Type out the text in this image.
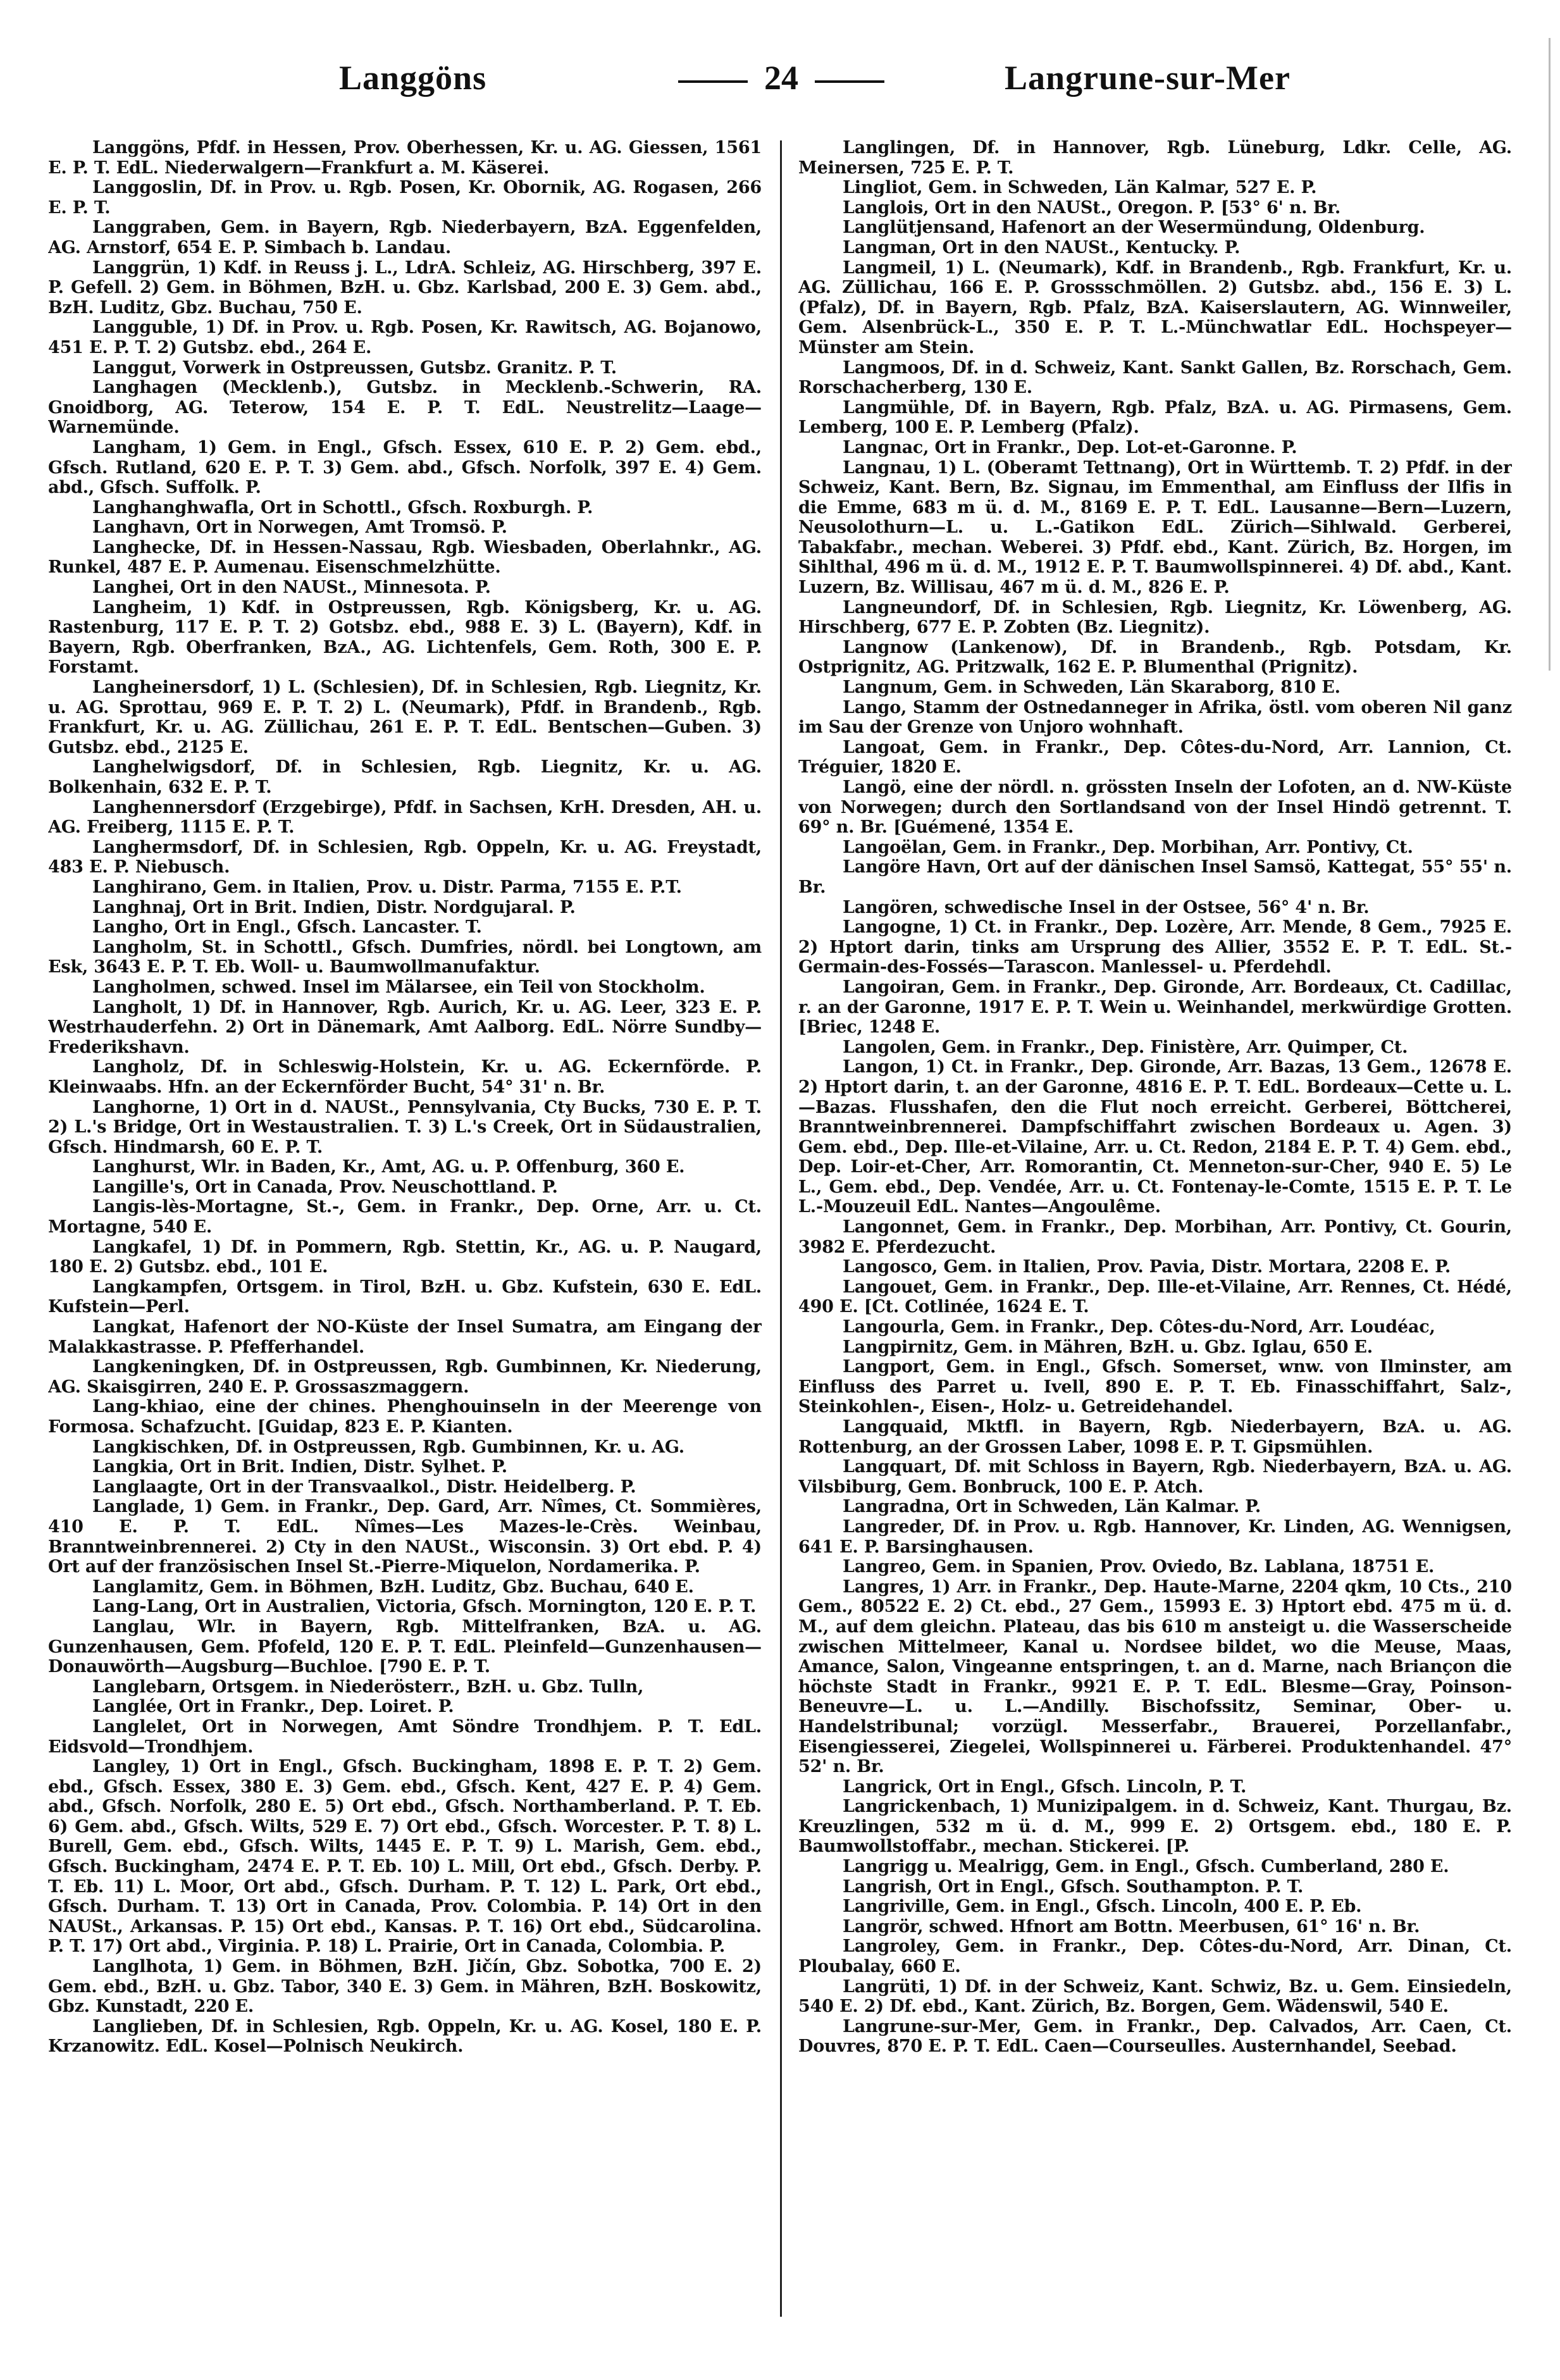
Langgöns	24	Langrune-sur-Mer

Langgöns, Pfdf. in Hessen, Prov. Oberhessen, Kr. u. AG. Giessen, 1561 E. P. T. EdL. Niederwalgern—Frankfurt a. M. Käserei.

Langgoslin, Df. in Prov. u. Rgb. Posen, Kr. Obornik, AG. Rogasen, 266 E. P. T.

Langgraben, Gem. in Bayern, Rgb. Niederbayern, BzA. Eggenfelden, AG. Arnstorf, 654 E. P. Simbach b. Landau.

Langgrün, 1) Kdf. in Reuss j. L., LdrA. Schleiz, AG. Hirschberg, 397 E. P. Gefell. 2) Gem. in Böhmen, BzH. u. Gbz. Karlsbad, 200 E. 3) Gem. abd., BzH. Luditz, Gbz. Buchau, 750 E.

Langguble, 1) Df. in Prov. u. Rgb. Posen, Kr. Rawitsch, AG. Bojanowo, 451 E. P. T. 2) Gutsbz. ebd., 264 E.

Langgut, Vorwerk in Ostpreussen, Gutsbz. Granitz. P. T.

Langhagen (Mecklenb.), Gutsbz. in Mecklenb.-Schwerin, RA. Gnoidborg, AG. Teterow, 154 E. P. T. EdL. Neustrelitz—Laage—Warnemünde.

Langham, 1) Gem. in Engl., Gfsch. Essex, 610 E. P. 2) Gem. ebd., Gfsch. Rutland, 620 E. P. T. 3) Gem. abd., Gfsch. Norfolk, 397 E. 4) Gem. abd., Gfsch. Suffolk. P.

Langhanghwafla, Ort in Schottl., Gfsch. Roxburgh. P.

Langhavn, Ort in Norwegen, Amt Tromsö. P.

Langhecke, Df. in Hessen-Nassau, Rgb. Wiesbaden, Oberlahnkr., AG. Runkel, 487 E. P. Aumenau. Eisenschmelzhütte.

Langhei, Ort in den NAUSt., Minnesota. P.

Langheim, 1) Kdf. in Ostpreussen, Rgb. Königsberg, Kr. u. AG. Rastenburg, 117 E. P. T. 2) Gotsbz. ebd., 988 E. 3) L. (Bayern), Kdf. in Bayern, Rgb. Oberfranken, BzA., AG. Lichtenfels, Gem. Roth, 300 E. P. Forstamt.

Langheinersdorf, 1) L. (Schlesien), Df. in Schlesien, Rgb. Liegnitz, Kr. u. AG. Sprottau, 969 E. P. T. 2) L. (Neumark), Pfdf. in Brandenb., Rgb. Frankfurt, Kr. u. AG. Züllichau, 261 E. P. T. EdL. Bentschen—Guben. 3) Gutsbz. ebd., 2125 E.

Langhelwigsdorf, Df. in Schlesien, Rgb. Liegnitz, Kr. u. AG. Bolkenhain, 632 E. P. T.

Langhennersdorf (Erzgebirge), Pfdf. in Sachsen, KrH. Dresden, AH. u. AG. Freiberg, 1115 E. P. T.

Langhermsdorf, Df. in Schlesien, Rgb. Oppeln, Kr. u. AG. Freystadt, 483 E. P. Niebusch.

Langhirano, Gem. in Italien, Prov. u. Distr. Parma, 7155 E. P.T.

Langhnaj, Ort in Brit. Indien, Distr. Nordgujaral. P.

Langho, Ort in Engl., Gfsch. Lancaster. T.

Langholm, St. in Schottl., Gfsch. Dumfries, nördl. bei Longtown, am Esk, 3643 E. P. T. Eb. Woll- u. Baumwollmanufaktur.

Langholmen, schwed. Insel im Mälarsee, ein Teil von Stockholm.

Langholt, 1) Df. in Hannover, Rgb. Aurich, Kr. u. AG. Leer, 323 E. P. Westrhauderfehn. 2) Ort in Dänemark, Amt Aalborg. EdL. Nörre Sundby—Frederikshavn.

Langholz, Df. in Schleswig-Holstein, Kr. u. AG. Eckernförde. P. Kleinwaabs. Hfn. an der Eckernförder Bucht, 54° 31' n. Br.

Langhorne, 1) Ort in d. NAUSt., Pennsylvania, Cty Bucks, 730 E. P. T. 2) L.'s Bridge, Ort in Westaustralien. T. 3) L.'s Creek, Ort in Südaustralien, Gfsch. Hindmarsh, 60 E. P. T.

Langhurst, Wlr. in Baden, Kr., Amt, AG. u. P. Offenburg, 360 E.

Langille's, Ort in Canada, Prov. Neuschottland. P.

Langis-lès-Mortagne, St.-, Gem. in Frankr., Dep. Orne, Arr. u. Ct. Mortagne, 540 E.

Langkafel, 1) Df. in Pommern, Rgb. Stettin, Kr., AG. u. P. Naugard, 180 E. 2) Gutsbz. ebd., 101 E.

Langkampfen, Ortsgem. in Tirol, BzH. u. Gbz. Kufstein, 630 E. EdL. Kufstein—Perl.

Langkat, Hafenort der NO-Küste der Insel Sumatra, am Eingang der Malakkastrasse. P. Pfefferhandel.

Langkeningken, Df. in Ostpreussen, Rgb. Gumbinnen, Kr. Niederung, AG. Skaisgirren, 240 E. P. Grossaszmaggern.

Lang-khiao, eine der chines. Phenghouinseln in der Meerenge von Formosa. Schafzucht. [Guidap, 823 E. P. Kianten.

Langkischken, Df. in Ostpreussen, Rgb. Gumbinnen, Kr. u. AG.

Langkia, Ort in Brit. Indien, Distr. Sylhet. P.

Langlaagte, Ort in der Transvaalkol., Distr. Heidelberg. P.

Langlade, 1) Gem. in Frankr., Dep. Gard, Arr. Nîmes, Ct. Sommières, 410 E. P. T. EdL. Nîmes—Les Mazes-le-Crès. Weinbau, Branntweinbrennerei. 2) Cty in den NAUSt., Wisconsin. 3) Ort ebd. P. 4) Ort auf der französischen Insel St.-Pierre-Miquelon, Nordamerika. P.

Langlamitz, Gem. in Böhmen, BzH. Luditz, Gbz. Buchau, 640 E.

Lang-Lang, Ort in Australien, Victoria, Gfsch. Mornington, 120 E. P. T.

Langlau, Wlr. in Bayern, Rgb. Mittelfranken, BzA. u. AG. Gunzenhausen, Gem. Pfofeld, 120 E. P. T. EdL. Pleinfeld—Gunzenhausen—Donauwörth—Augsburg—Buchloe. [790 E. P. T.

Langlebarn, Ortsgem. in Niederösterr., BzH. u. Gbz. Tulln,

Langlée, Ort in Frankr., Dep. Loiret. P.

Langlelet, Ort in Norwegen, Amt Söndre Trondhjem. P. T. EdL. Eidsvold—Trondhjem.

Langley, 1) Ort in Engl., Gfsch. Buckingham, 1898 E. P. T. 2) Gem. ebd., Gfsch. Essex, 380 E. 3) Gem. ebd., Gfsch. Kent, 427 E. P. 4) Gem. abd., Gfsch. Norfolk, 280 E. 5) Ort ebd., Gfsch. Northamberland. P. T. Eb. 6) Gem. abd., Gfsch. Wilts, 529 E. 7) Ort ebd., Gfsch. Worcester. P. T. 8) L. Burell, Gem. ebd., Gfsch. Wilts, 1445 E. P. T. 9) L. Marish, Gem. ebd., Gfsch. Buckingham, 2474 E. P. T. Eb. 10) L. Mill, Ort ebd., Gfsch. Derby. P. T. Eb. 11) L. Moor, Ort abd., Gfsch. Durham. P. T. 12) L. Park, Ort ebd., Gfsch. Durham. T. 13) Ort in Canada, Prov. Colombia. P. 14) Ort in den NAUSt., Arkansas. P. 15) Ort ebd., Kansas. P. T. 16) Ort ebd., Südcarolina. P. T. 17) Ort abd., Virginia. P. 18) L. Prairie, Ort in Canada, Colombia. P.

Langlhota, 1) Gem. in Böhmen, BzH. Jičín, Gbz. Sobotka, 700 E. 2) Gem. ebd., BzH. u. Gbz. Tabor, 340 E. 3) Gem. in Mähren, BzH. Boskowitz, Gbz. Kunstadt, 220 E.

Langlieben, Df. in Schlesien, Rgb. Oppeln, Kr. u. AG. Kosel, 180 E. P. Krzanowitz. EdL. Kosel—Polnisch Neukirch.

Langlingen, Df. in Hannover, Rgb. Lüneburg, Ldkr. Celle, AG. Meinersen, 725 E. P. T.

Lingliot, Gem. in Schweden, Län Kalmar, 527 E. P.

Langlois, Ort in den NAUSt., Oregon. P. [53° 6' n. Br.

Langlütjensand, Hafenort an der Wesermündung, Oldenburg.

Langman, Ort in den NAUSt., Kentucky. P.

Langmeil, 1) L. (Neumark), Kdf. in Brandenb., Rgb. Frankfurt, Kr. u. AG. Züllichau, 166 E. P. Grossschmöllen. 2) Gutsbz. abd., 156 E. 3) L. (Pfalz), Df. in Bayern, Rgb. Pfalz, BzA. Kaiserslautern, AG. Winnweiler, Gem. Alsenbrück-L., 350 E. P. T. L.-Münchwatlar EdL. Hochspeyer—Münster am Stein.

Langmoos, Df. in d. Schweiz, Kant. Sankt Gallen, Bz. Rorschach, Gem. Rorschacherberg, 130 E.

Langmühle, Df. in Bayern, Rgb. Pfalz, BzA. u. AG. Pirmasens, Gem. Lemberg, 100 E. P. Lemberg (Pfalz).

Langnac, Ort in Frankr., Dep. Lot-et-Garonne. P.

Langnau, 1) L. (Oberamt Tettnang), Ort in Württemb. T. 2) Pfdf. in der Schweiz, Kant. Bern, Bz. Signau, im Emmenthal, am Einfluss der Ilfis in die Emme, 683 m ü. d. M., 8169 E. P. T. EdL. Lausanne—Bern—Luzern, Neusolothurn—L. u. L.-Gatikon EdL. Zürich—Sihlwald. Gerberei, Tabakfabr., mechan. Weberei. 3) Pfdf. ebd., Kant. Zürich, Bz. Horgen, im Sihlthal, 496 m ü. d. M., 1912 E. P. T. Baumwollspinnerei. 4) Df. abd., Kant. Luzern, Bz. Willisau, 467 m ü. d. M., 826 E. P.

Langneundorf, Df. in Schlesien, Rgb. Liegnitz, Kr. Löwenberg, AG. Hirschberg, 677 E. P. Zobten (Bz. Liegnitz).

Langnow (Lankenow), Df. in Brandenb., Rgb. Potsdam, Kr. Ostprignitz, AG. Pritzwalk, 162 E. P. Blumenthal (Prignitz).

Langnum, Gem. in Schweden, Län Skaraborg, 810 E.

Lango, Stamm der Ostnedanneger in Afrika, östl. vom oberen Nil ganz im Sau der Grenze von Unjoro wohnhaft.

Langoat, Gem. in Frankr., Dep. Côtes-du-Nord, Arr. Lannion, Ct. Tréguier, 1820 E.

Langö, eine der nördl. n. grössten Inseln der Lofoten, an d. NW-Küste von Norwegen; durch den Sortlandsand von der Insel Hindö getrennt. T. 69° n. Br. [Guémené, 1354 E.

Langoëlan, Gem. in Frankr., Dep. Morbihan, Arr. Pontivy, Ct.

Langöre Havn, Ort auf der dänischen Insel Samsö, Kattegat, 55° 55' n. Br.

Langören, schwedische Insel in der Ostsee, 56° 4' n. Br.

Langogne, 1) Ct. in Frankr., Dep. Lozère, Arr. Mende, 8 Gem., 7925 E. 2) Hptort darin, tinks am Ursprung des Allier, 3552 E. P. T. EdL. St.-Germain-des-Fossés—Tarascon. Manlessel- u. Pferdehdl.

Langoiran, Gem. in Frankr., Dep. Gironde, Arr. Bordeaux, Ct. Cadillac, r. an der Garonne, 1917 E. P. T. Wein u. Weinhandel, merkwürdige Grotten. [Briec, 1248 E.

Langolen, Gem. in Frankr., Dep. Finistère, Arr. Quimper, Ct.

Langon, 1) Ct. in Frankr., Dep. Gironde, Arr. Bazas, 13 Gem., 12678 E. 2) Hptort darin, t. an der Garonne, 4816 E. P. T. EdL. Bordeaux—Cette u. L.—Bazas. Flusshafen, den die Flut noch erreicht. Gerberei, Böttcherei, Branntweinbrennerei. Dampfschiffahrt zwischen Bordeaux u. Agen. 3) Gem. ebd., Dep. Ille-et-Vilaine, Arr. u. Ct. Redon, 2184 E. P. T. 4) Gem. ebd., Dep. Loir-et-Cher, Arr. Romorantin, Ct. Menneton-sur-Cher, 940 E. 5) Le L., Gem. ebd., Dep. Vendée, Arr. u. Ct. Fontenay-le-Comte, 1515 E. P. T. Le L.-Mouzeuil EdL. Nantes—Angoulême.

Langonnet, Gem. in Frankr., Dep. Morbihan, Arr. Pontivy, Ct. Gourin, 3982 E. Pferdezucht.

Langosco, Gem. in Italien, Prov. Pavia, Distr. Mortara, 2208 E. P.

Langouet, Gem. in Frankr., Dep. Ille-et-Vilaine, Arr. Rennes, Ct. Hédé, 490 E. [Ct. Cotlinée, 1624 E. T.

Langourla, Gem. in Frankr., Dep. Côtes-du-Nord, Arr. Loudéac,

Langpirnitz, Gem. in Mähren, BzH. u. Gbz. Iglau, 650 E.

Langport, Gem. in Engl., Gfsch. Somerset, wnw. von Ilminster, am Einfluss des Parret u. Ivell, 890 E. P. T. Eb. Finasschiffahrt, Salz-, Steinkohlen-, Eisen-, Holz- u. Getreidehandel.

Langquaid, Mktfl. in Bayern, Rgb. Niederbayern, BzA. u. AG. Rottenburg, an der Grossen Laber, 1098 E. P. T. Gipsmühlen.

Langquart, Df. mit Schloss in Bayern, Rgb. Niederbayern, BzA. u. AG. Vilsbiburg, Gem. Bonbruck, 100 E. P. Atch.

Langradna, Ort in Schweden, Län Kalmar. P.

Langreder, Df. in Prov. u. Rgb. Hannover, Kr. Linden, AG. Wennigsen, 641 E. P. Barsinghausen.

Langreo, Gem. in Spanien, Prov. Oviedo, Bz. Lablana, 18751 E.

Langres, 1) Arr. in Frankr., Dep. Haute-Marne, 2204 qkm, 10 Cts., 210 Gem., 80522 E. 2) Ct. ebd., 27 Gem., 15993 E. 3) Hptort ebd. 475 m ü. d. M., auf dem gleichn. Plateau, das bis 610 m ansteigt u. die Wasserscheide zwischen Mittelmeer, Kanal u. Nordsee bildet, wo die Meuse, Maas, Amance, Salon, Vingeanne entspringen, t. an d. Marne, nach Briançon die höchste Stadt in Frankr., 9921 E. P. T. EdL. Blesme—Gray, Poinson-Beneuvre—L. u. L.—Andilly. Bischofssitz, Seminar, Ober- u. Handelstribunal; vorzügl. Messerfabr., Brauerei, Porzellanfabr., Eisengiesserei, Ziegelei, Wollspinnerei u. Färberei. Produktenhandel. 47° 52' n. Br.

Langrick, Ort in Engl., Gfsch. Lincoln, P. T.

Langrickenbach, 1) Munizipalgem. in d. Schweiz, Kant. Thurgau, Bz. Kreuzlingen, 532 m ü. d. M., 999 E. 2) Ortsgem. ebd., 180 E. P. Baumwollstoffabr., mechan. Stickerei. [P.

Langrigg u. Mealrigg, Gem. in Engl., Gfsch. Cumberland, 280 E.

Langrish, Ort in Engl., Gfsch. Southampton. P. T.

Langriville, Gem. in Engl., Gfsch. Lincoln, 400 E. P. Eb.

Langrör, schwed. Hfnort am Bottn. Meerbusen, 61° 16' n. Br.

Langroley, Gem. in Frankr., Dep. Côtes-du-Nord, Arr. Dinan, Ct. Ploubalay, 660 E.

Langrüti, 1) Df. in der Schweiz, Kant. Schwiz, Bz. u. Gem. Einsiedeln, 540 E. 2) Df. ebd., Kant. Zürich, Bz. Borgen, Gem. Wädenswil, 540 E.

Langrune-sur-Mer, Gem. in Frankr., Dep. Calvados, Arr. Caen, Ct. Douvres, 870 E. P. T. EdL. Caen—Courseulles. Austernhandel, Seebad.
